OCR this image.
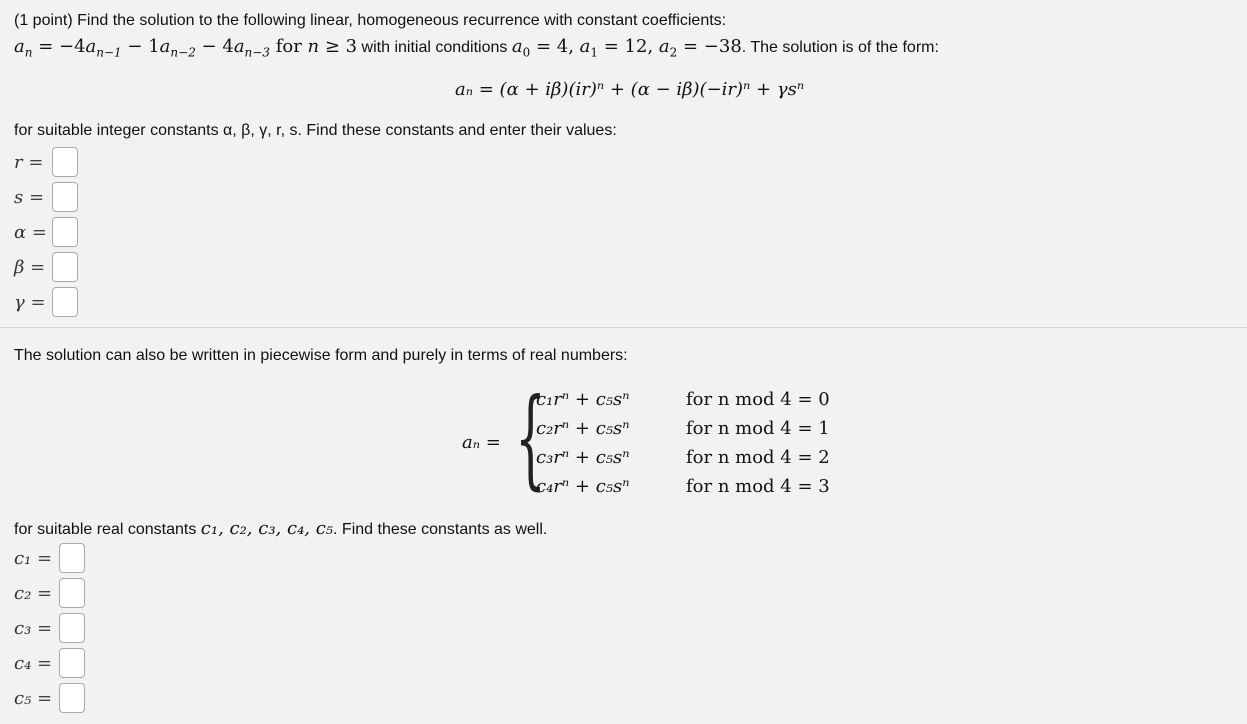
(1 point) Find the solution to the following linear, homogeneous recurrence with constant coefficients:
$a_n = -4a_{n-1} - 1a_{n-2} - 4a_{n-3}$ for n ≥ 3 with initial conditions $a_0 = 4$, $a_1 = 12$, $a_2 = -38$. The solution is of the form:
aₙ = (α + iβ)(ir)ⁿ + (α − iβ)(−ir)ⁿ + γsⁿ
for suitable integer constants α, β, γ, r, s. Find these constants and enter their values:
r =
s =
α =
β =
γ =
The solution can also be written in piecewise form and purely in terms of real numbers:
aₙ = {
c₁rⁿ + c₅sⁿ	for n mod 4 = 0
c₂rⁿ + c₅sⁿ	for n mod 4 = 1
c₃rⁿ + c₅sⁿ	for n mod 4 = 2
c₄rⁿ + c₅sⁿ	for n mod 4 = 3
for suitable real constants c₁, c₂, c₃, c₄, c₅. Find these constants as well.
c₁ =
c₂ =
c₃ =
c₄ =
c₅ =
